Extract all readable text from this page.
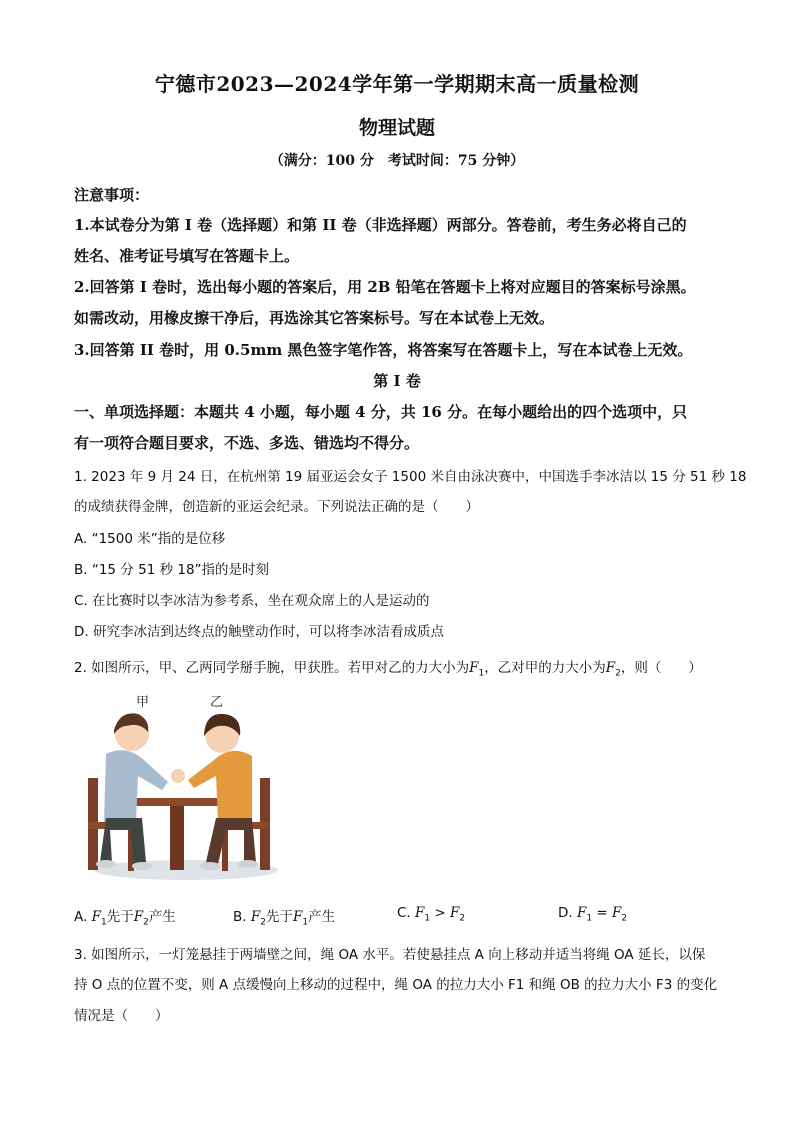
宁德市2023—2024学年第一学期期末高一质量检测
物理试题
（满分：100 分　考试时间：75 分钟）
注意事项：
1.本试卷分为第 I 卷（选择题）和第 II 卷（非选择题）两部分。答卷前，考生务必将自己的
姓名、准考证号填写在答题卡上。
2.回答第 I 卷时，选出每小题的答案后，用 2B 铅笔在答题卡上将对应题目的答案标号涂黑。
如需改动，用橡皮擦干净后，再选涂其它答案标号。写在本试卷上无效。
3.回答第 II 卷时，用 0.5mm 黑色签字笔作答，将答案写在答题卡上，写在本试卷上无效。
第 I 卷
一、单项选择题：本题共 4 小题，每小题 4 分，共 16 分。在每小题给出的四个选项中，只
有一项符合题目要求，不选、多选、错选均不得分。
1. 2023 年 9 月 24 日，在杭州第 19 届亚运会女子 1500 米自由泳决赛中，中国选手李冰洁以 15 分 51 秒 18
的成绩获得金牌，创造新的亚运会纪录。下列说法正确的是（　　）
A. “1500 米”指的是位移
B. “15 分 51 秒 18”指的是时刻
C. 在比赛时以李冰洁为参考系，坐在观众席上的人是运动的
D. 研究李冰洁到达终点的触壁动作时，可以将李冰洁看成质点
2. 如图所示，甲、乙两同学掰手腕，甲获胜。若甲对乙的力大小为$F_1$，乙对甲的力大小为$F_2$，则（　　）
甲	乙
A. $F_1$先于$F_2$产生	B. $F_2$先于$F_1$产生	C. $F_1 > F_2$	D. $F_1 = F_2$
3. 如图所示，一灯笼悬挂于两墙壁之间，绳 OA 水平。若使悬挂点 A 向上移动并适当将绳 OA 延长，以保
持 O 点的位置不变，则 A 点缓慢向上移动的过程中，绳 OA 的拉力大小 F1 和绳 OB 的拉力大小 F3 的变化
情况是（　　）
